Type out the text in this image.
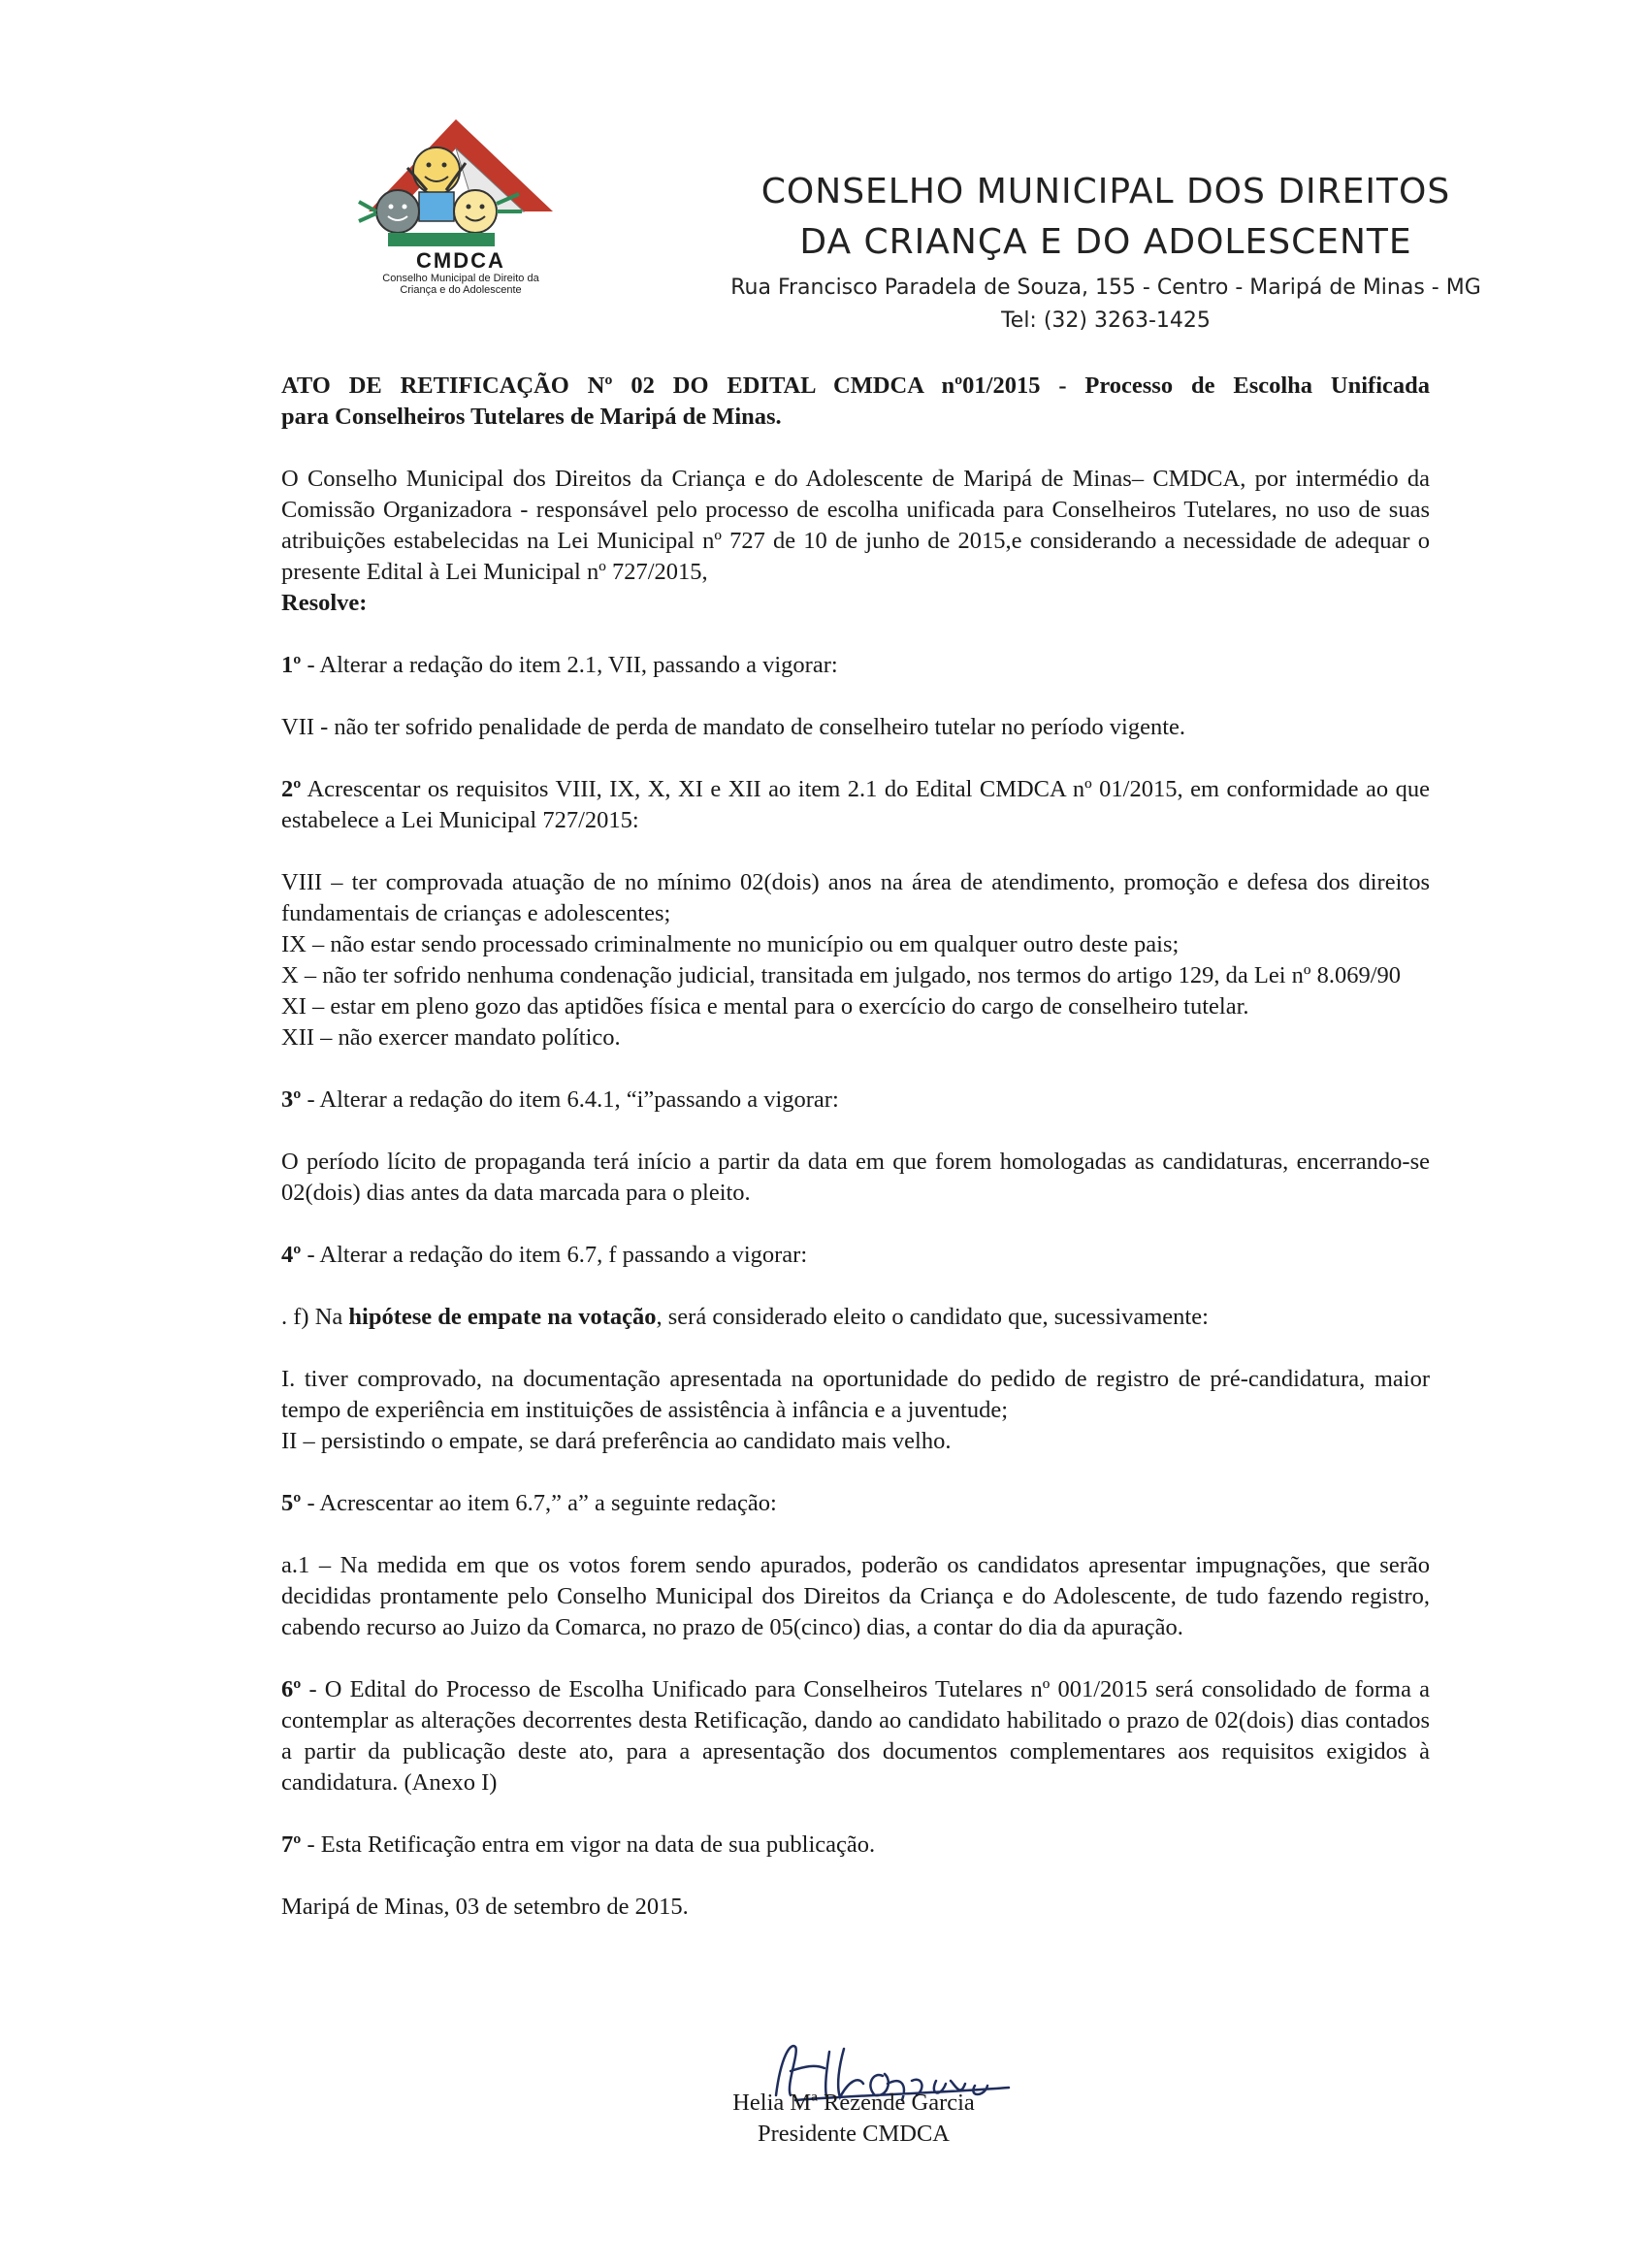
CMDCA
Conselho Municipal de Direito da
Criança e do Adolescente
CONSELHO MUNICIPAL DOS DIREITOS
DA CRIANÇA E DO ADOLESCENTE
Rua Francisco Paradela de Souza, 155 - Centro - Maripá de Minas - MG
Tel: (32) 3263-1425
ATO DE RETIFICAÇÃO Nº 02 DO EDITAL CMDCA nº01/2015 - Processo de Escolha Unificada
para Conselheiros Tutelares de Maripá de Minas.
O Conselho Municipal dos Direitos da Criança e do Adolescente de Maripá de Minas– CMDCA, por intermédio da Comissão Organizadora - responsável pelo processo de escolha unificada para Conselheiros Tutelares, no uso de suas atribuições estabelecidas na Lei Municipal nº 727 de 10 de junho de 2015,e considerando a necessidade de adequar o presente Edital à Lei Municipal nº 727/2015,
Resolve:
1º - Alterar a redação do item 2.1, VII, passando a vigorar:
VII - não ter sofrido penalidade de perda de mandato de conselheiro tutelar no período vigente.
2º Acrescentar os requisitos VIII, IX, X, XI e XII ao item 2.1 do Edital CMDCA nº 01/2015, em conformidade ao que estabelece a Lei Municipal 727/2015:
VIII – ter comprovada atuação de no mínimo 02(dois) anos na área de atendimento, promoção e defesa dos direitos fundamentais de crianças e adolescentes;
IX – não estar sendo processado criminalmente no município ou em qualquer outro deste pais;
X – não ter sofrido nenhuma condenação judicial, transitada em julgado, nos termos do artigo 129, da Lei nº 8.069/90
XI – estar em pleno gozo das aptidões física e mental para o exercício do cargo de conselheiro tutelar.
XII – não exercer mandato político.
3º - Alterar a redação do item 6.4.1, “i”passando a vigorar:
O período lícito de propaganda terá início a partir da data em que forem homologadas as candidaturas, encerrando-se 02(dois) dias antes da data marcada para o pleito.
4º - Alterar a redação do item 6.7, f passando a vigorar:
. f) Na hipótese de empate na votação, será considerado eleito o candidato que, sucessivamente:
I. tiver comprovado, na documentação apresentada na oportunidade do pedido de registro de pré-candidatura, maior tempo de experiência em instituições de assistência à infância e a juventude;
II – persistindo o empate, se dará preferência ao candidato mais velho.
5º - Acrescentar ao item 6.7,” a” a seguinte redação:
a.1 – Na medida em que os votos forem sendo apurados, poderão os candidatos apresentar impugnações, que serão decididas prontamente pelo Conselho Municipal dos Direitos da Criança e do Adolescente, de tudo fazendo registro, cabendo recurso ao Juizo da Comarca, no prazo de 05(cinco) dias, a contar do dia da apuração.
6º - O Edital do Processo de Escolha Unificado para Conselheiros Tutelares nº 001/2015 será consolidado de forma a contemplar as alterações decorrentes desta Retificação, dando ao candidato habilitado o prazo de 02(dois) dias contados a partir da publicação deste ato, para a apresentação dos documentos complementares aos requisitos exigidos à candidatura. (Anexo I)
7º - Esta Retificação entra em vigor na data de sua publicação.
Maripá de Minas, 03 de setembro de 2015.
Helia Mª Rezende Garcia
Presidente CMDCA
